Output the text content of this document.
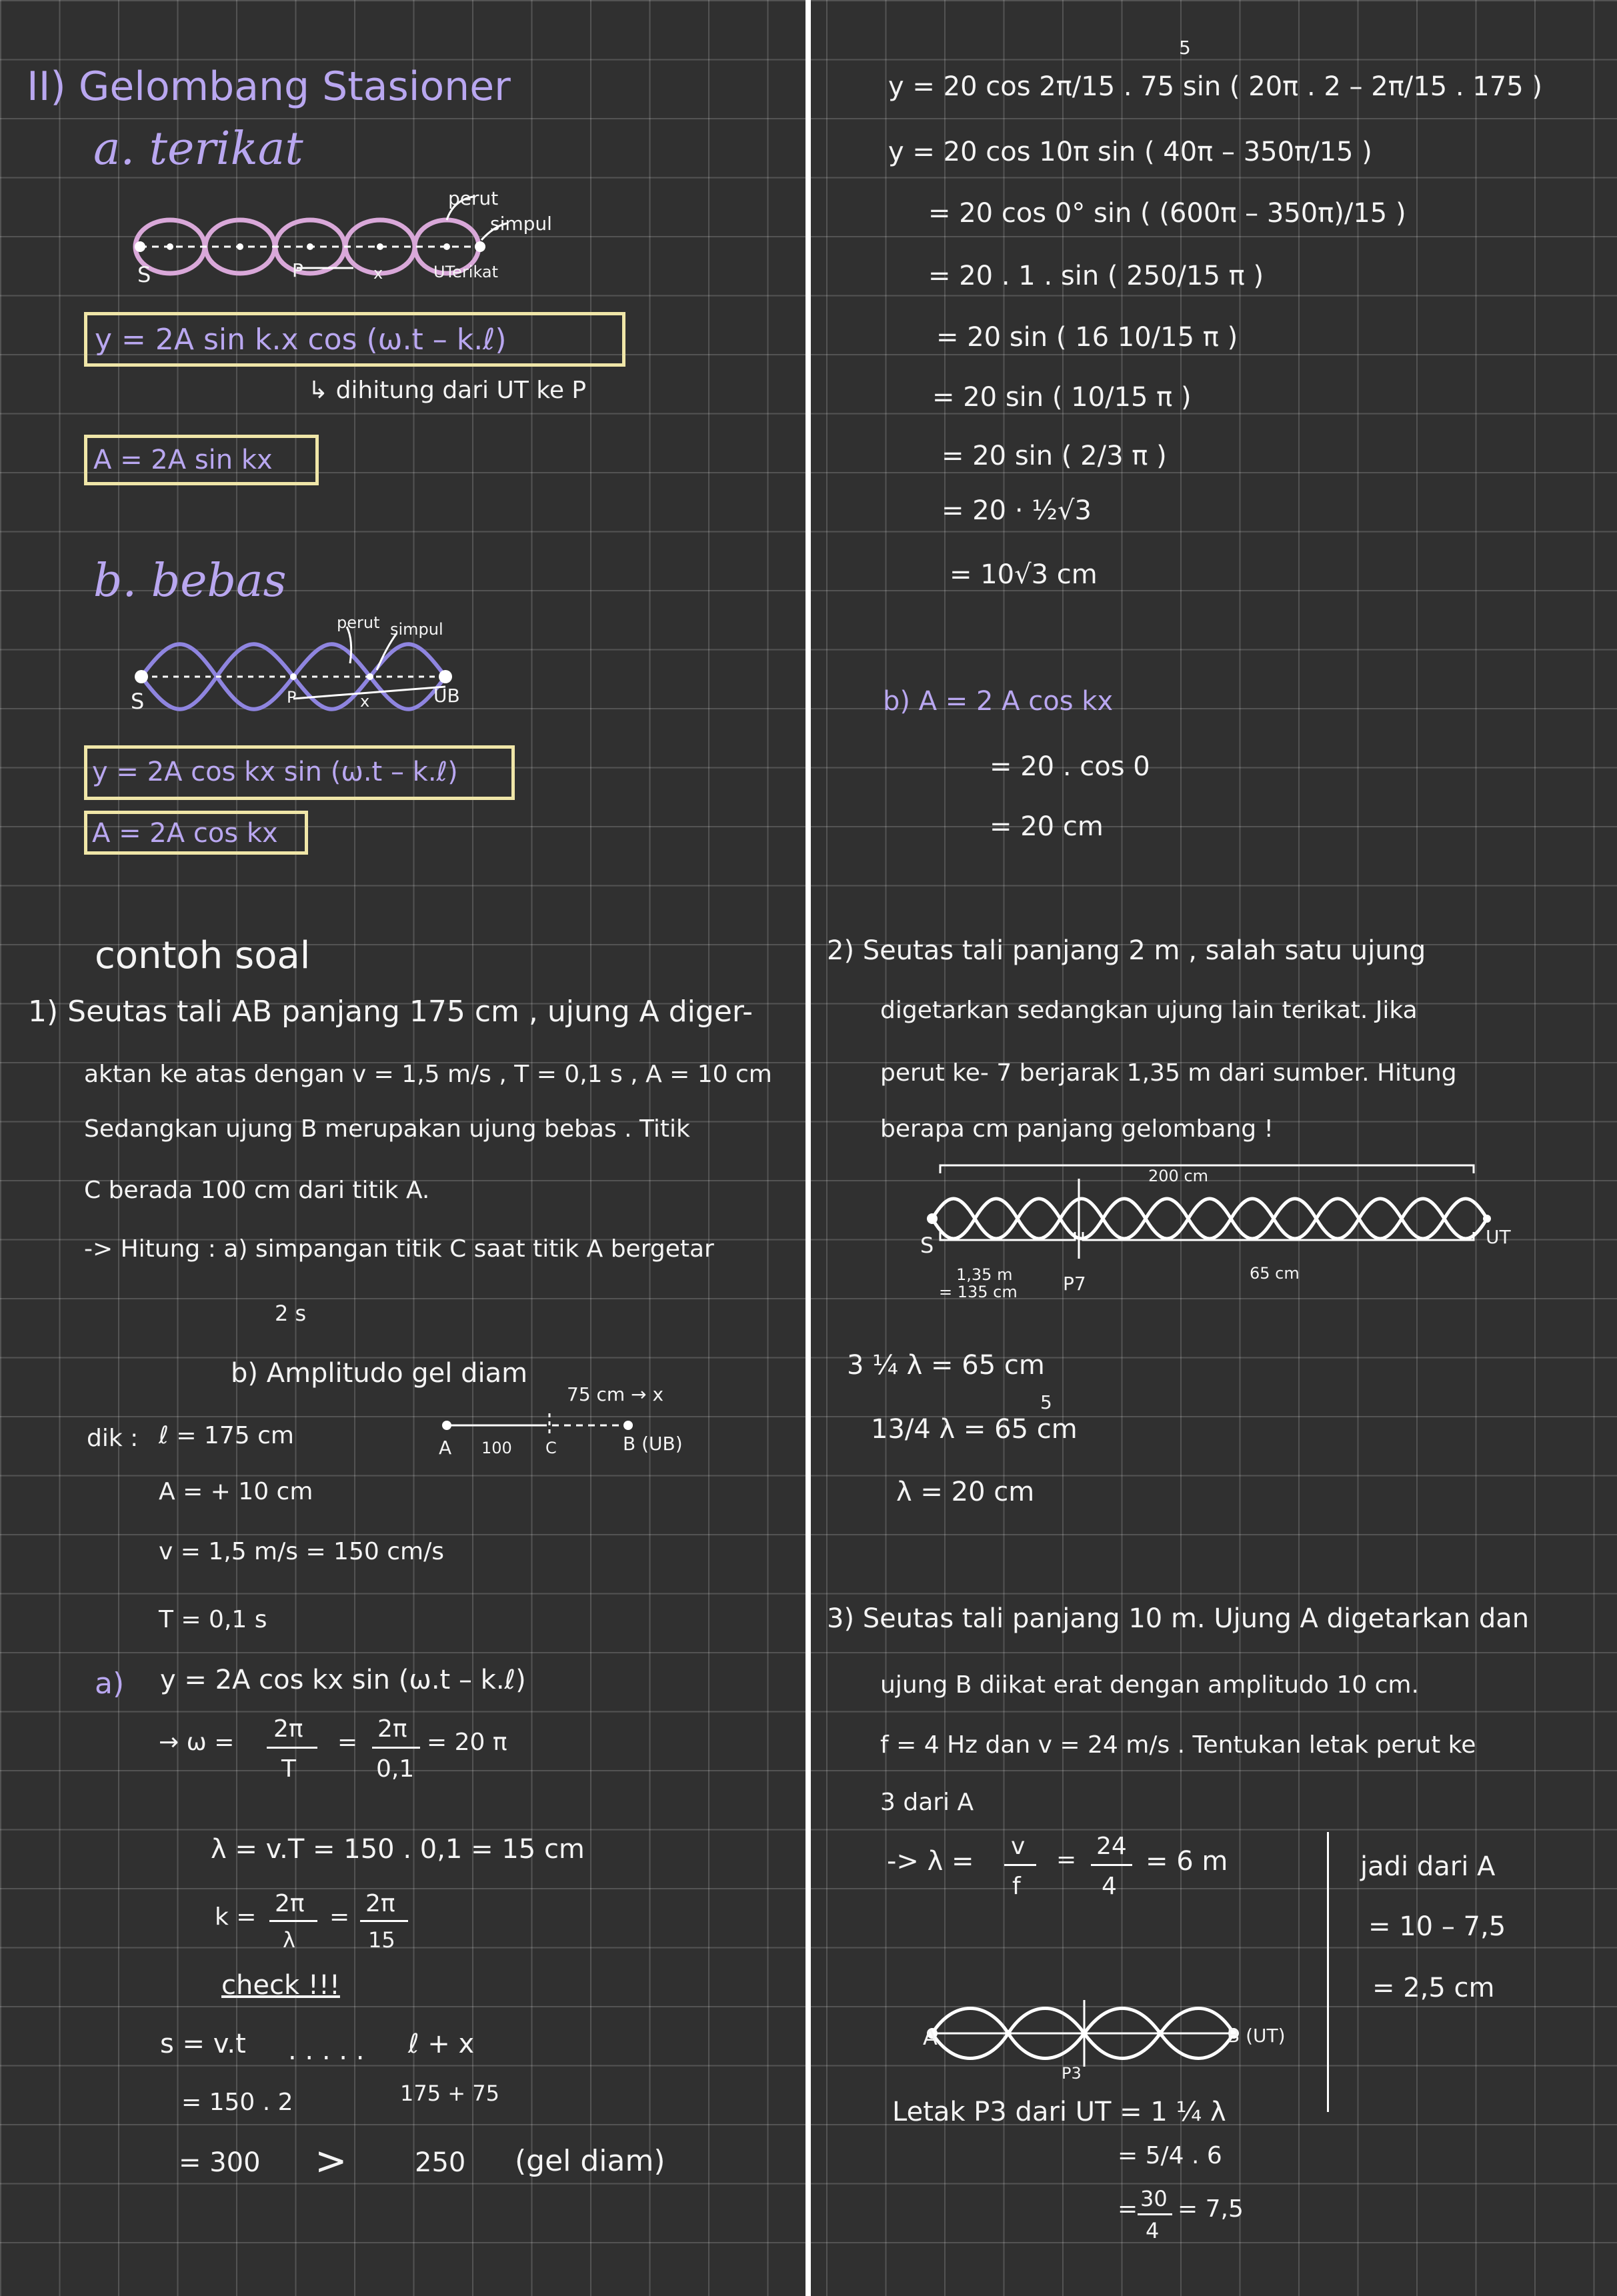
II) Gelombang Stasioner
a. terikat
perut
simpul
S	P	x	UTerikat
y = 2A sin k.x cos (ω.t – k.ℓ)
↳ dihitung dari UT ke P
A = 2A sin kx
b. bebas
perut simpul
S	P	x	UB
y = 2A cos kx sin (ω.t – k.ℓ)
A = 2A cos kx
contoh soal
1) Seutas tali AB panjang 175 cm , ujung A diger-
aktan ke atas dengan v = 1,5 m/s , T = 0,1 s , A = 10 cm
Sedangkan ujung B merupakan ujung bebas . Titik
C berada 100 cm dari titik A.
-> Hitung : a) simpangan titik C saat titik A bergetar
2 s
b) Amplitudo gel diam
75 cm → x
A 100 C	B (UB)
dik : ℓ = 175 cm
A = + 10 cm
v = 1,5 m/s = 150 cm/s
T = 0,1 s
a) y = 2A cos kx sin (ω.t – k.ℓ)
→ ω = 2π
T
= 2π
0,1
= 20 π
λ = v.T = 150 . 0,1 = 15 cm
k = 2π
λ
= 2π
15
check !!!
s = v.t . . . . . ℓ + x
= 150 . 2	175 + 75
= 300 >	250 (gel diam)
y = 20 cos 2π/15 . 75 sin ( 20π . 2 – 2π/15 . 175 )
5
y = 20 cos 10π sin ( 40π – 350π/15 )
= 20 cos 0° sin ( (600π – 350π)/15 )
= 20 . 1 . sin ( 250/15 π )
= 20 sin ( 16 10/15 π )
= 20 sin ( 10/15 π )
= 20 sin ( 2/3 π )
= 20 · ½√3
= 10√3 cm
b) A = 2 A cos kx
= 20 . cos 0
= 20 cm
2) Seutas tali panjang 2 m , salah satu ujung
digetarkan sedangkan ujung lain terikat. Jika
perut ke- 7 berjarak 1,35 m dari sumber. Hitung
berapa cm panjang gelombang !
200 cm
S	UT
1,35 m
= 135 cm P7	65 cm
3 ¼ λ = 65 cm
5
13/4 λ = 65 cm
λ = 20 cm
3) Seutas tali panjang 10 m. Ujung A digetarkan dan
ujung B diikat erat dengan amplitudo 10 cm.
f = 4 Hz dan v = 24 m/s . Tentukan letak perut ke
3 dari A
-> λ = v
f
= 24
4
= 6 m
A	B (UT)
P3
Letak P3 dari UT = 1 ¼ λ
= 5/4 . 6
= 30
4
= 7,5
jadi dari A
= 10 – 7,5
= 2,5 cm
